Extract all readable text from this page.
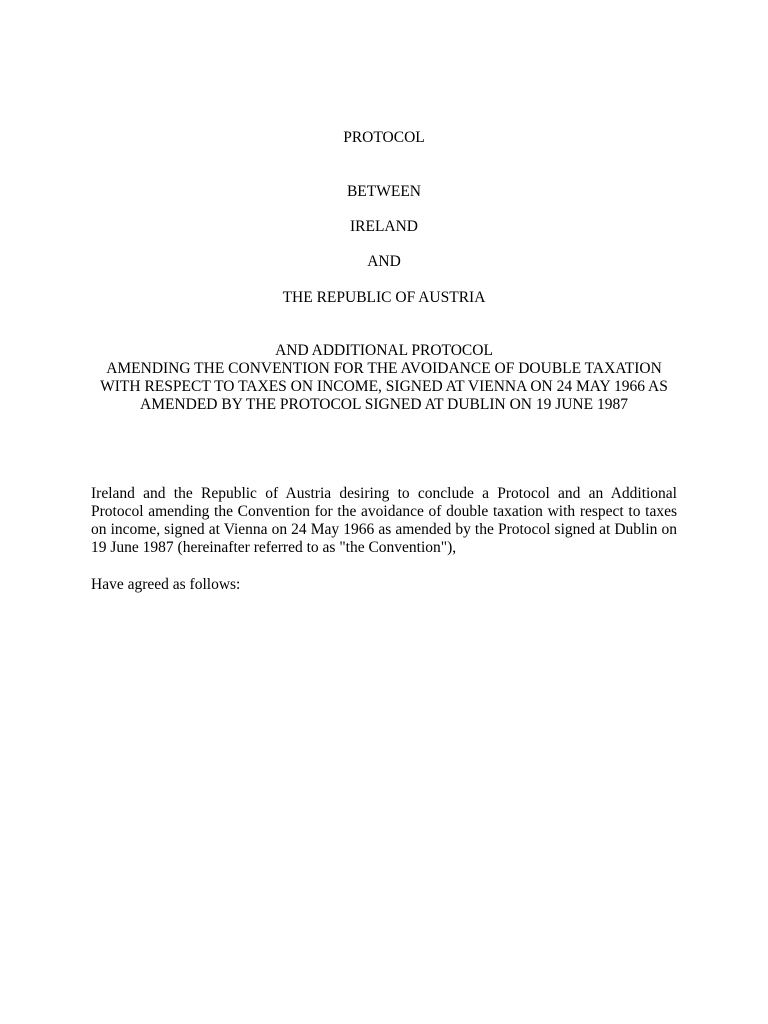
PROTOCOL
BETWEEN
IRELAND
AND
THE REPUBLIC OF AUSTRIA
AND ADDITIONAL PROTOCOL
AMENDING THE CONVENTION FOR THE AVOIDANCE OF DOUBLE TAXATION
WITH RESPECT TO TAXES ON INCOME, SIGNED AT VIENNA ON 24 MAY 1966 AS
AMENDED BY THE PROTOCOL SIGNED AT DUBLIN ON 19 JUNE 1987
Ireland and the Republic of Austria desiring to conclude a Protocol and an Additional
Protocol amending the Convention for the avoidance of double taxation with respect to taxes
on income, signed at Vienna on 24 May 1966 as amended by the Protocol signed at Dublin on
19 June 1987 (hereinafter referred to as "the Convention"),
Have agreed as follows:
